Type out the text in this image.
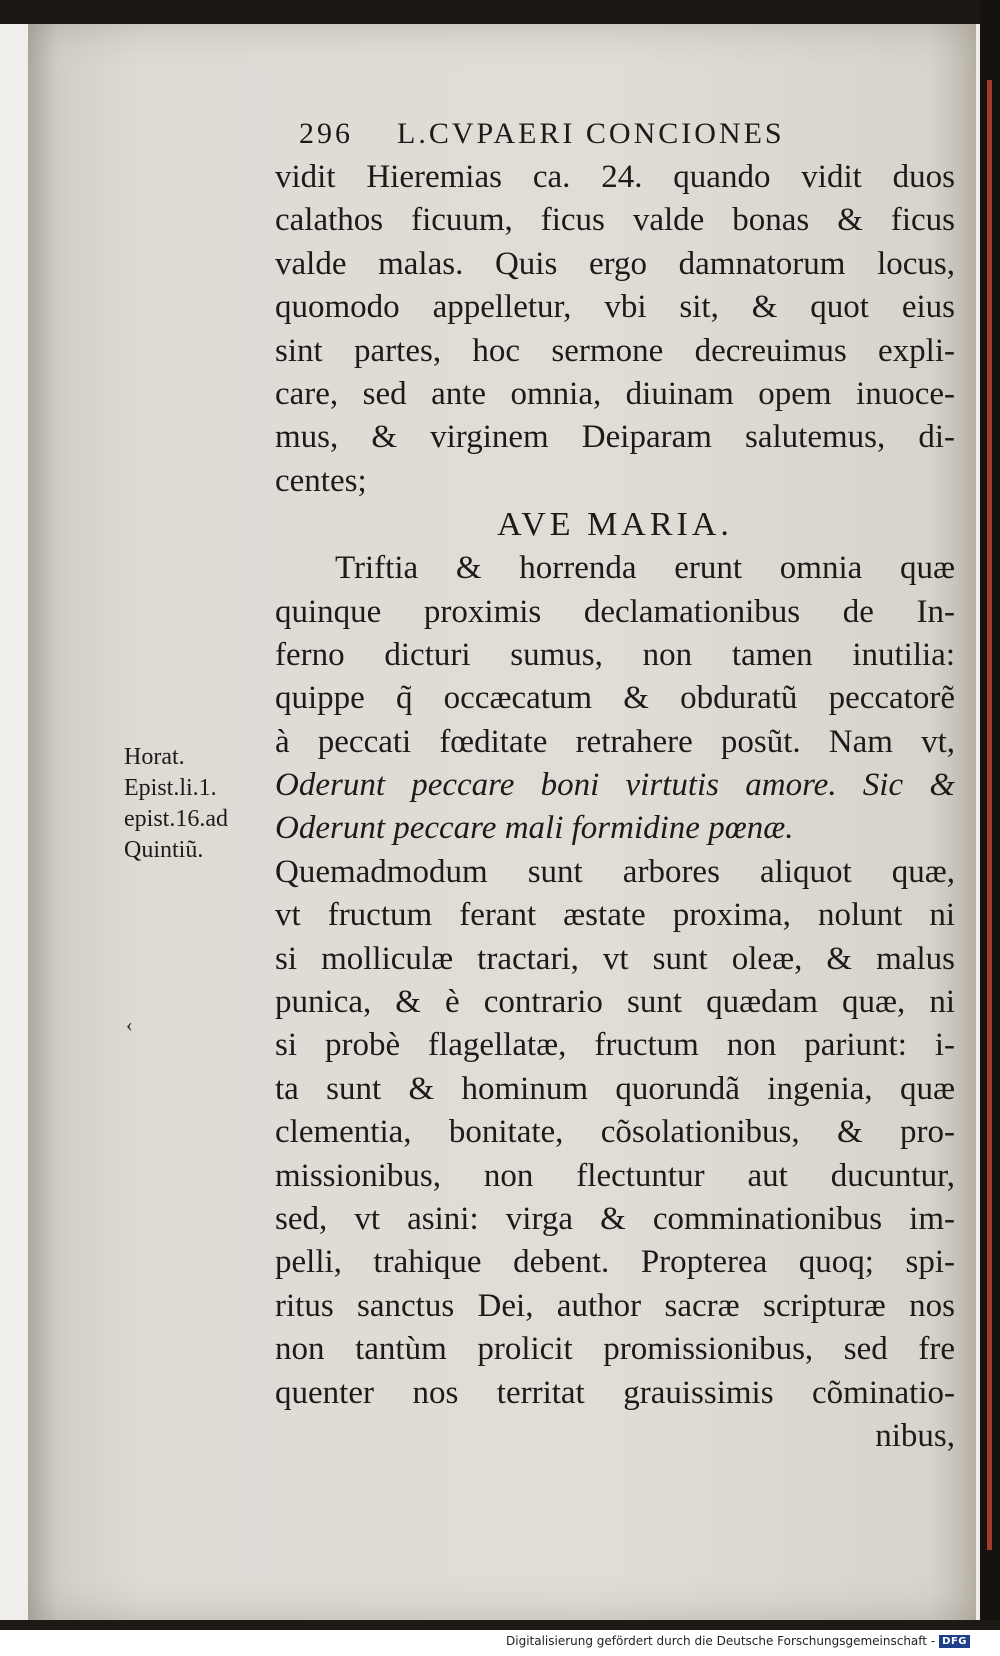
296 L.CVPAERI CONCIONES
vidit Hieremias ca. 24. quando vidit duos
calathos ficuum, ficus valde bonas & ficus
valde malas. Quis ergo damnatorum locus,
quomodo appelletur, vbi sit, & quot eius
sint partes, hoc sermone decreuimus expli-
care, sed ante omnia, diuinam opem inuoce-
mus, & virginem Deiparam salutemus, di-
centes;
AVE MARIA.
Triftia & horrenda erunt omnia quæ
quinque proximis declamationibus de In-
ferno dicturi sumus, non tamen inutilia:
quippe q̃ occæcatum & obduratũ peccatorẽ
à peccati fœditate retrahere posũt. Nam vt,
Oderunt peccare boni virtutis amore. Sic &
Oderunt peccare mali formidine pœnæ.
Quemadmodum sunt arbores aliquot quæ,
vt fructum ferant æstate proxima, nolunt ni
si molliculæ tractari, vt sunt oleæ, & malus
punica, & è contrario sunt quædam quæ, ni
si probè flagellatæ, fructum non pariunt: i-
ta sunt & hominum quorundã ingenia, quæ
clementia, bonitate, cõsolationibus, & pro-
missionibus, non flectuntur aut ducuntur,
sed, vt asini: virga & comminationibus im-
pelli, trahique debent. Propterea quoq; spi-
ritus sanctus Dei, author sacræ scripturæ nos
non tantùm prolicit promissionibus, sed fre
quenter nos territat grauissimis cõminatio-
nibus,
Horat.
Epist.li.1.
epist.16.ad
Quintiũ.
‹
Digitalisierung gefördert durch die Deutsche Forschungsgemeinschaft - DFG
